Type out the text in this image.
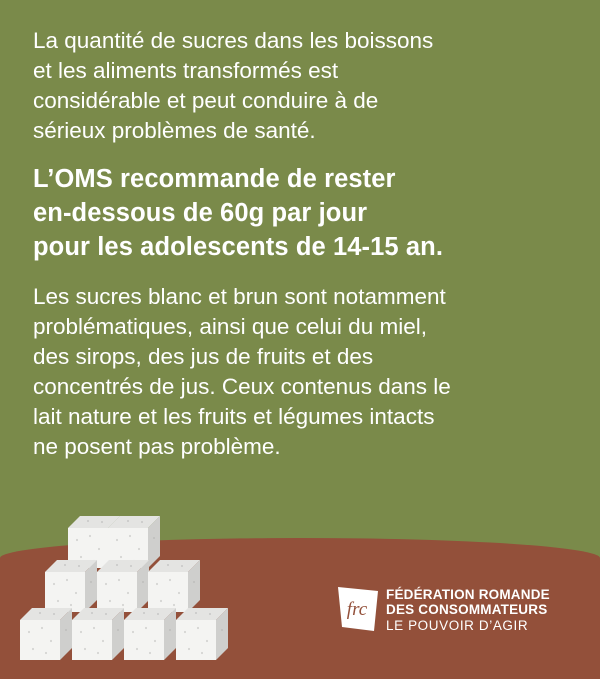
La quantité de sucres dans les boissons
et les aliments transformés est
considérable et peut conduire à de
sérieux problèmes de santé.

L’OMS recommande de rester
en-dessous de 60g par jour
pour les adolescents de 14-15 an.

Les sucres blanc et brun sont notamment
problématiques, ainsi que celui du miel,
des sirops, des jus de fruits et des
concentrés de jus. Ceux contenus dans le
lait nature et les fruits et légumes intacts
ne posent pas problème.

frc
FÉDÉRATION ROMANDE
DES CONSOMMATEURS
LE POUVOIR D’AGIR
